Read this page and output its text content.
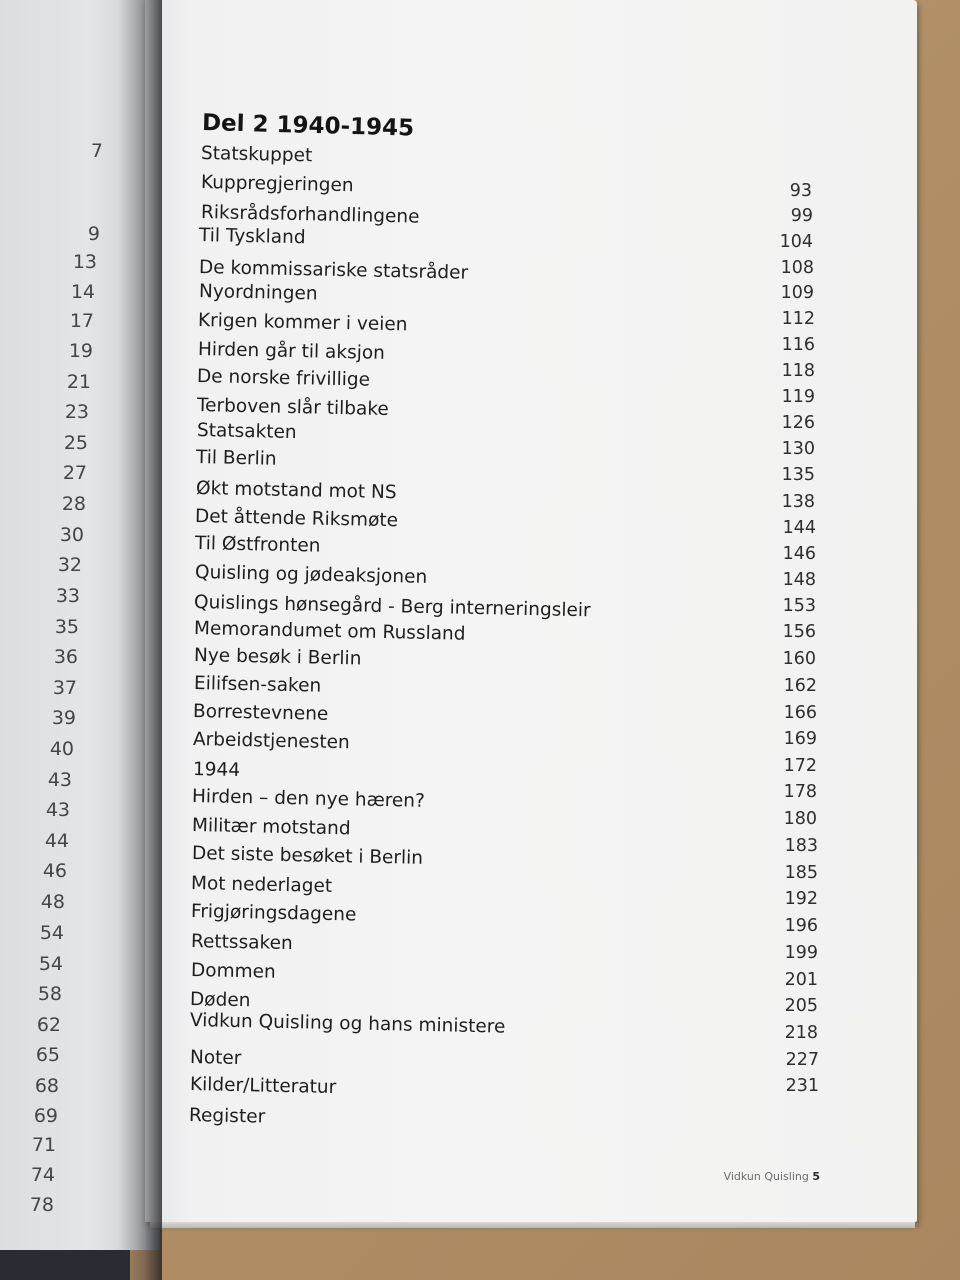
7
9
13
14
17
19
21
23
25
27
28
30
32
33
35
36
37
39
40
43
43
44
46
48
54
54
58
62
65
68
69
71
74
78
Del 2 1940-1945
Statskuppet
Kuppregjeringen
Riksrådsforhandlingene
Til Tyskland
De kommissariske statsråder
Nyordningen
Krigen kommer i veien
Hirden går til aksjon
De norske frivillige
Terboven slår tilbake
Statsakten
Til Berlin
Økt motstand mot NS
Det åttende Riksmøte
Til Østfronten
Quisling og jødeaksjonen
Quislings hønsegård - Berg interneringsleir
Memorandumet om Russland
Nye besøk i Berlin
Eilifsen-saken
Borrestevnene
Arbeidstjenesten
1944
Hirden – den nye hæren?
Militær motstand
Det siste besøket i Berlin
Mot nederlaget
Frigjøringsdagene
Rettssaken
Dommen
Døden
Vidkun Quisling og hans ministere
Noter
Kilder/Litteratur
Register
93
99
104
108
109
112
116
118
119
126
130
135
138
144
146
148
153
156
160
162
166
169
172
178
180
183
185
192
196
199
201
205
218
227
231
Vidkun Quisling 5
